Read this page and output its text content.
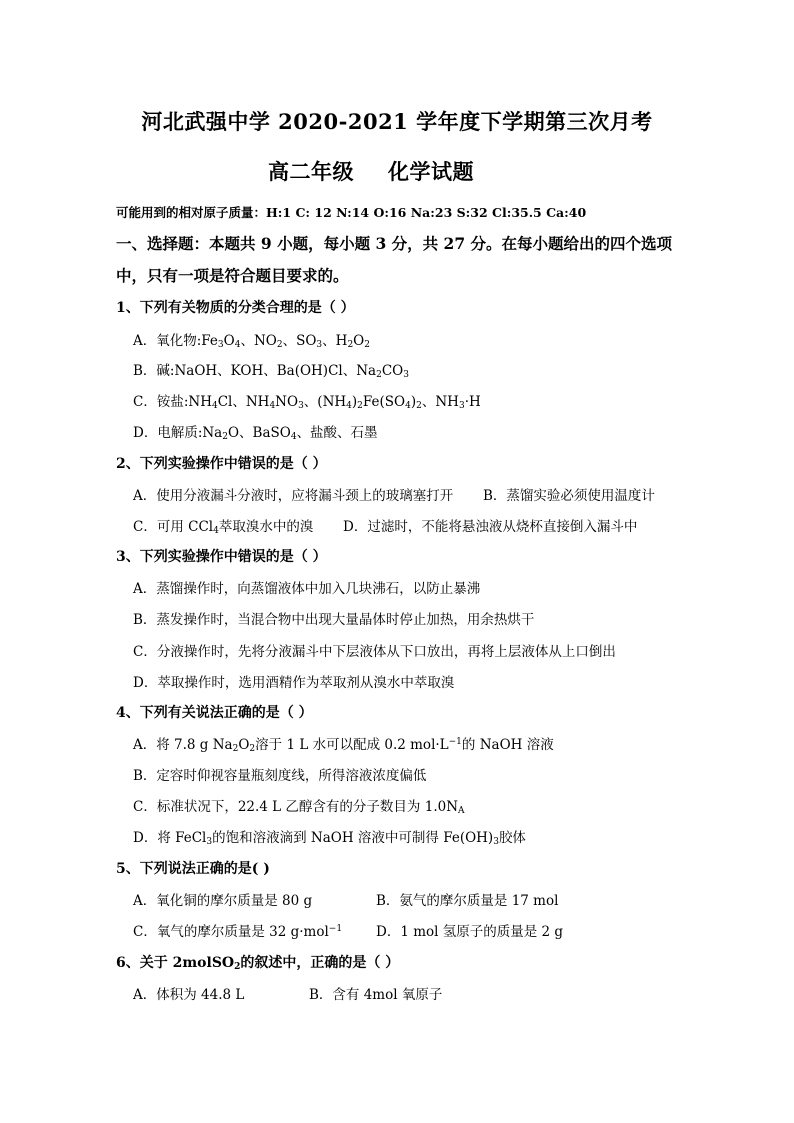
河北武强中学 2020-2021 学年度下学期第三次月考
高二年级 化学试题
可能用到的相对原子质量：H:1 C: 12 N:14 O:16 Na:23 S:32 Cl:35.5 Ca:40
一、选择题：本题共 9 小题，每小题 3 分，共 27 分。在每小题给出的四个选项
中，只有一项是符合题目要求的。
1、下列有关物质的分类合理的是（ ）
A．氧化物$:Fe_3O_4$、$NO_2$、$SO_3$、$H_2O_2$
B．碱:NaOH、KOH、Ba(OH)Cl、$Na_2CO_3$
C．铵盐$:NH_4Cl$、$NH_4NO_3$、$(NH_4)_2Fe(SO_4)_2$、$NH_3\cdot H$
D．电解质$:Na_2O$、BaSO$_4$、盐酸、石墨
2、下列实验操作中错误的是（ ）
A．使用分液漏斗分液时，应将漏斗颈上的玻璃塞打开 B．蒸馏实验必须使用温度计
C．可用 CCl$_4$萃取溴水中的溴 D．过滤时，不能将悬浊液从烧杯直接倒入漏斗中
3、下列实验操作中错误的是（ ）
A．蒸馏操作时，向蒸馏液体中加入几块沸石，以防止暴沸
B．蒸发操作时，当混合物中出现大量晶体时停止加热，用余热烘干
C．分液操作时，先将分液漏斗中下层液体从下口放出，再将上层液体从上口倒出
D．萃取操作时，选用酒精作为萃取剂从溴水中萃取溴
4、下列有关说法正确的是（ ）
A．将 7.8 g $Na_2O_2$溶于 1 L 水可以配成 0.2 $mol\cdot L^{-1}$的 NaOH 溶液
B．定容时仰视容量瓶刻度线，所得溶液浓度偏低
C．标准状况下，22.4 L 乙醇含有的分子数目为 $1.0N_A$
D．将 FeCl$_3$的饱和溶液滴到 NaOH 溶液中可制得 $Fe(OH)_3$胶体
5、下列说法正确的是( )
A．氧化铜的摩尔质量是 80 g	B．氨气的摩尔质量是 17 mol
C．氧气的摩尔质量是 32 g·mol$^{-1}$	D．1 mol 氢原子的质量是 2 g
6、关于 2molSO$_2$的叙述中，正确的是（ ）
A．体积为 44.8 L	B．含有 4mol 氧原子
